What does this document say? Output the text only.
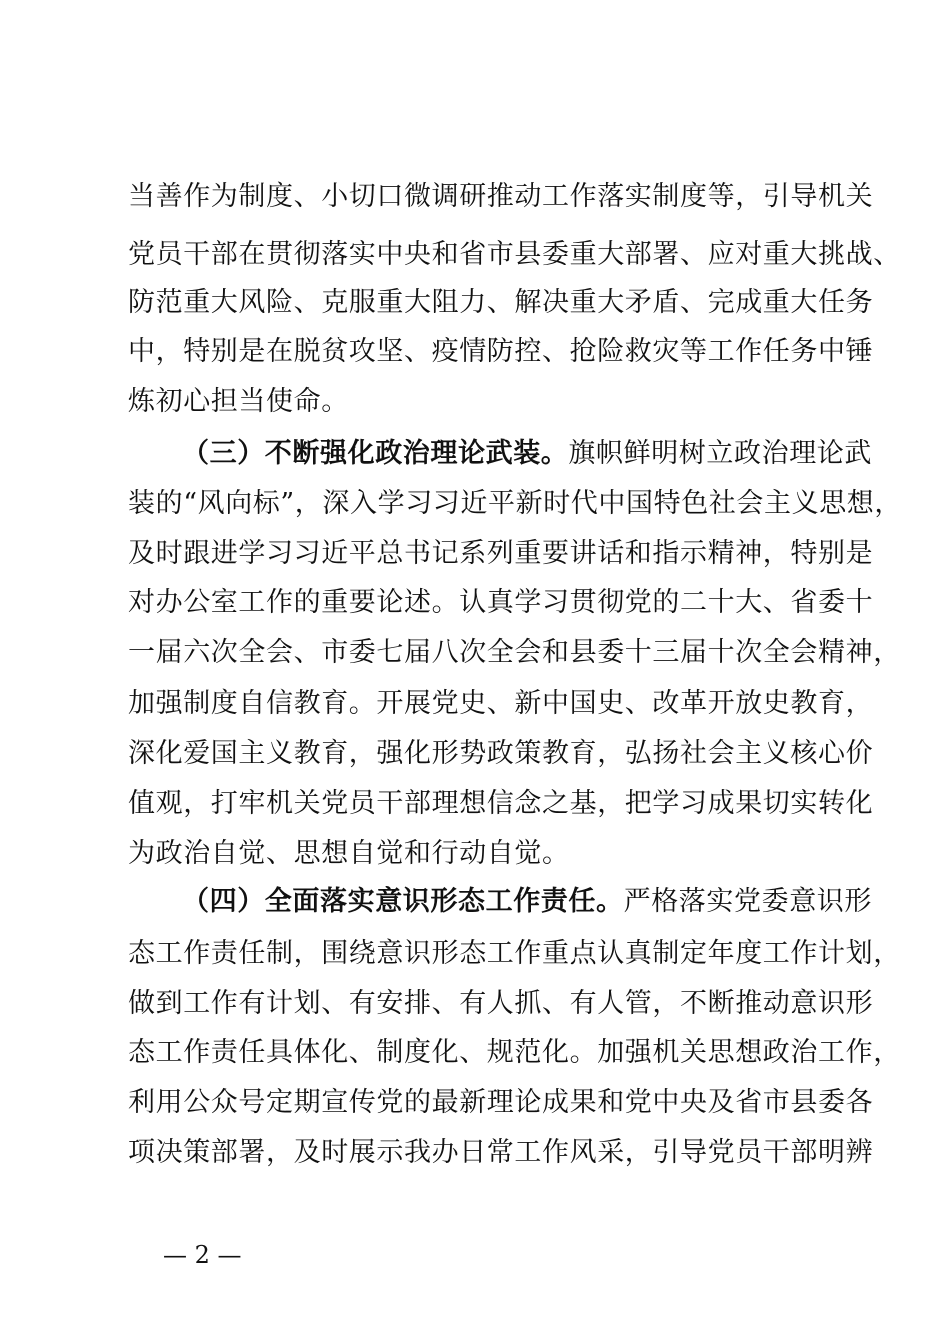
当善作为制度、小切口微调研推动工作落实制度等，引导机关
党员干部在贯彻落实中央和省市县委重大部署、应对重大挑战、
防范重大风险、克服重大阻力、解决重大矛盾、完成重大任务
中，特别是在脱贫攻坚、疫情防控、抢险救灾等工作任务中锤
炼初心担当使命。
（三）不断强化政治理论武装。旗帜鲜明树立政治理论武
装的“风向标”，深入学习习近平新时代中国特色社会主义思想，
及时跟进学习习近平总书记系列重要讲话和指示精神，特别是
对办公室工作的重要论述。认真学习贯彻党的二十大、省委十
一届六次全会、市委七届八次全会和县委十三届十次全会精神，
加强制度自信教育。开展党史、新中国史、改革开放史教育，
深化爱国主义教育，强化形势政策教育，弘扬社会主义核心价
值观，打牢机关党员干部理想信念之基，把学习成果切实转化
为政治自觉、思想自觉和行动自觉。
（四）全面落实意识形态工作责任。严格落实党委意识形
态工作责任制，围绕意识形态工作重点认真制定年度工作计划，
做到工作有计划、有安排、有人抓、有人管，不断推动意识形
态工作责任具体化、制度化、规范化。加强机关思想政治工作，
利用公众号定期宣传党的最新理论成果和党中央及省市县委各
项决策部署，及时展示我办日常工作风采，引导党员干部明辨
— 2 —
